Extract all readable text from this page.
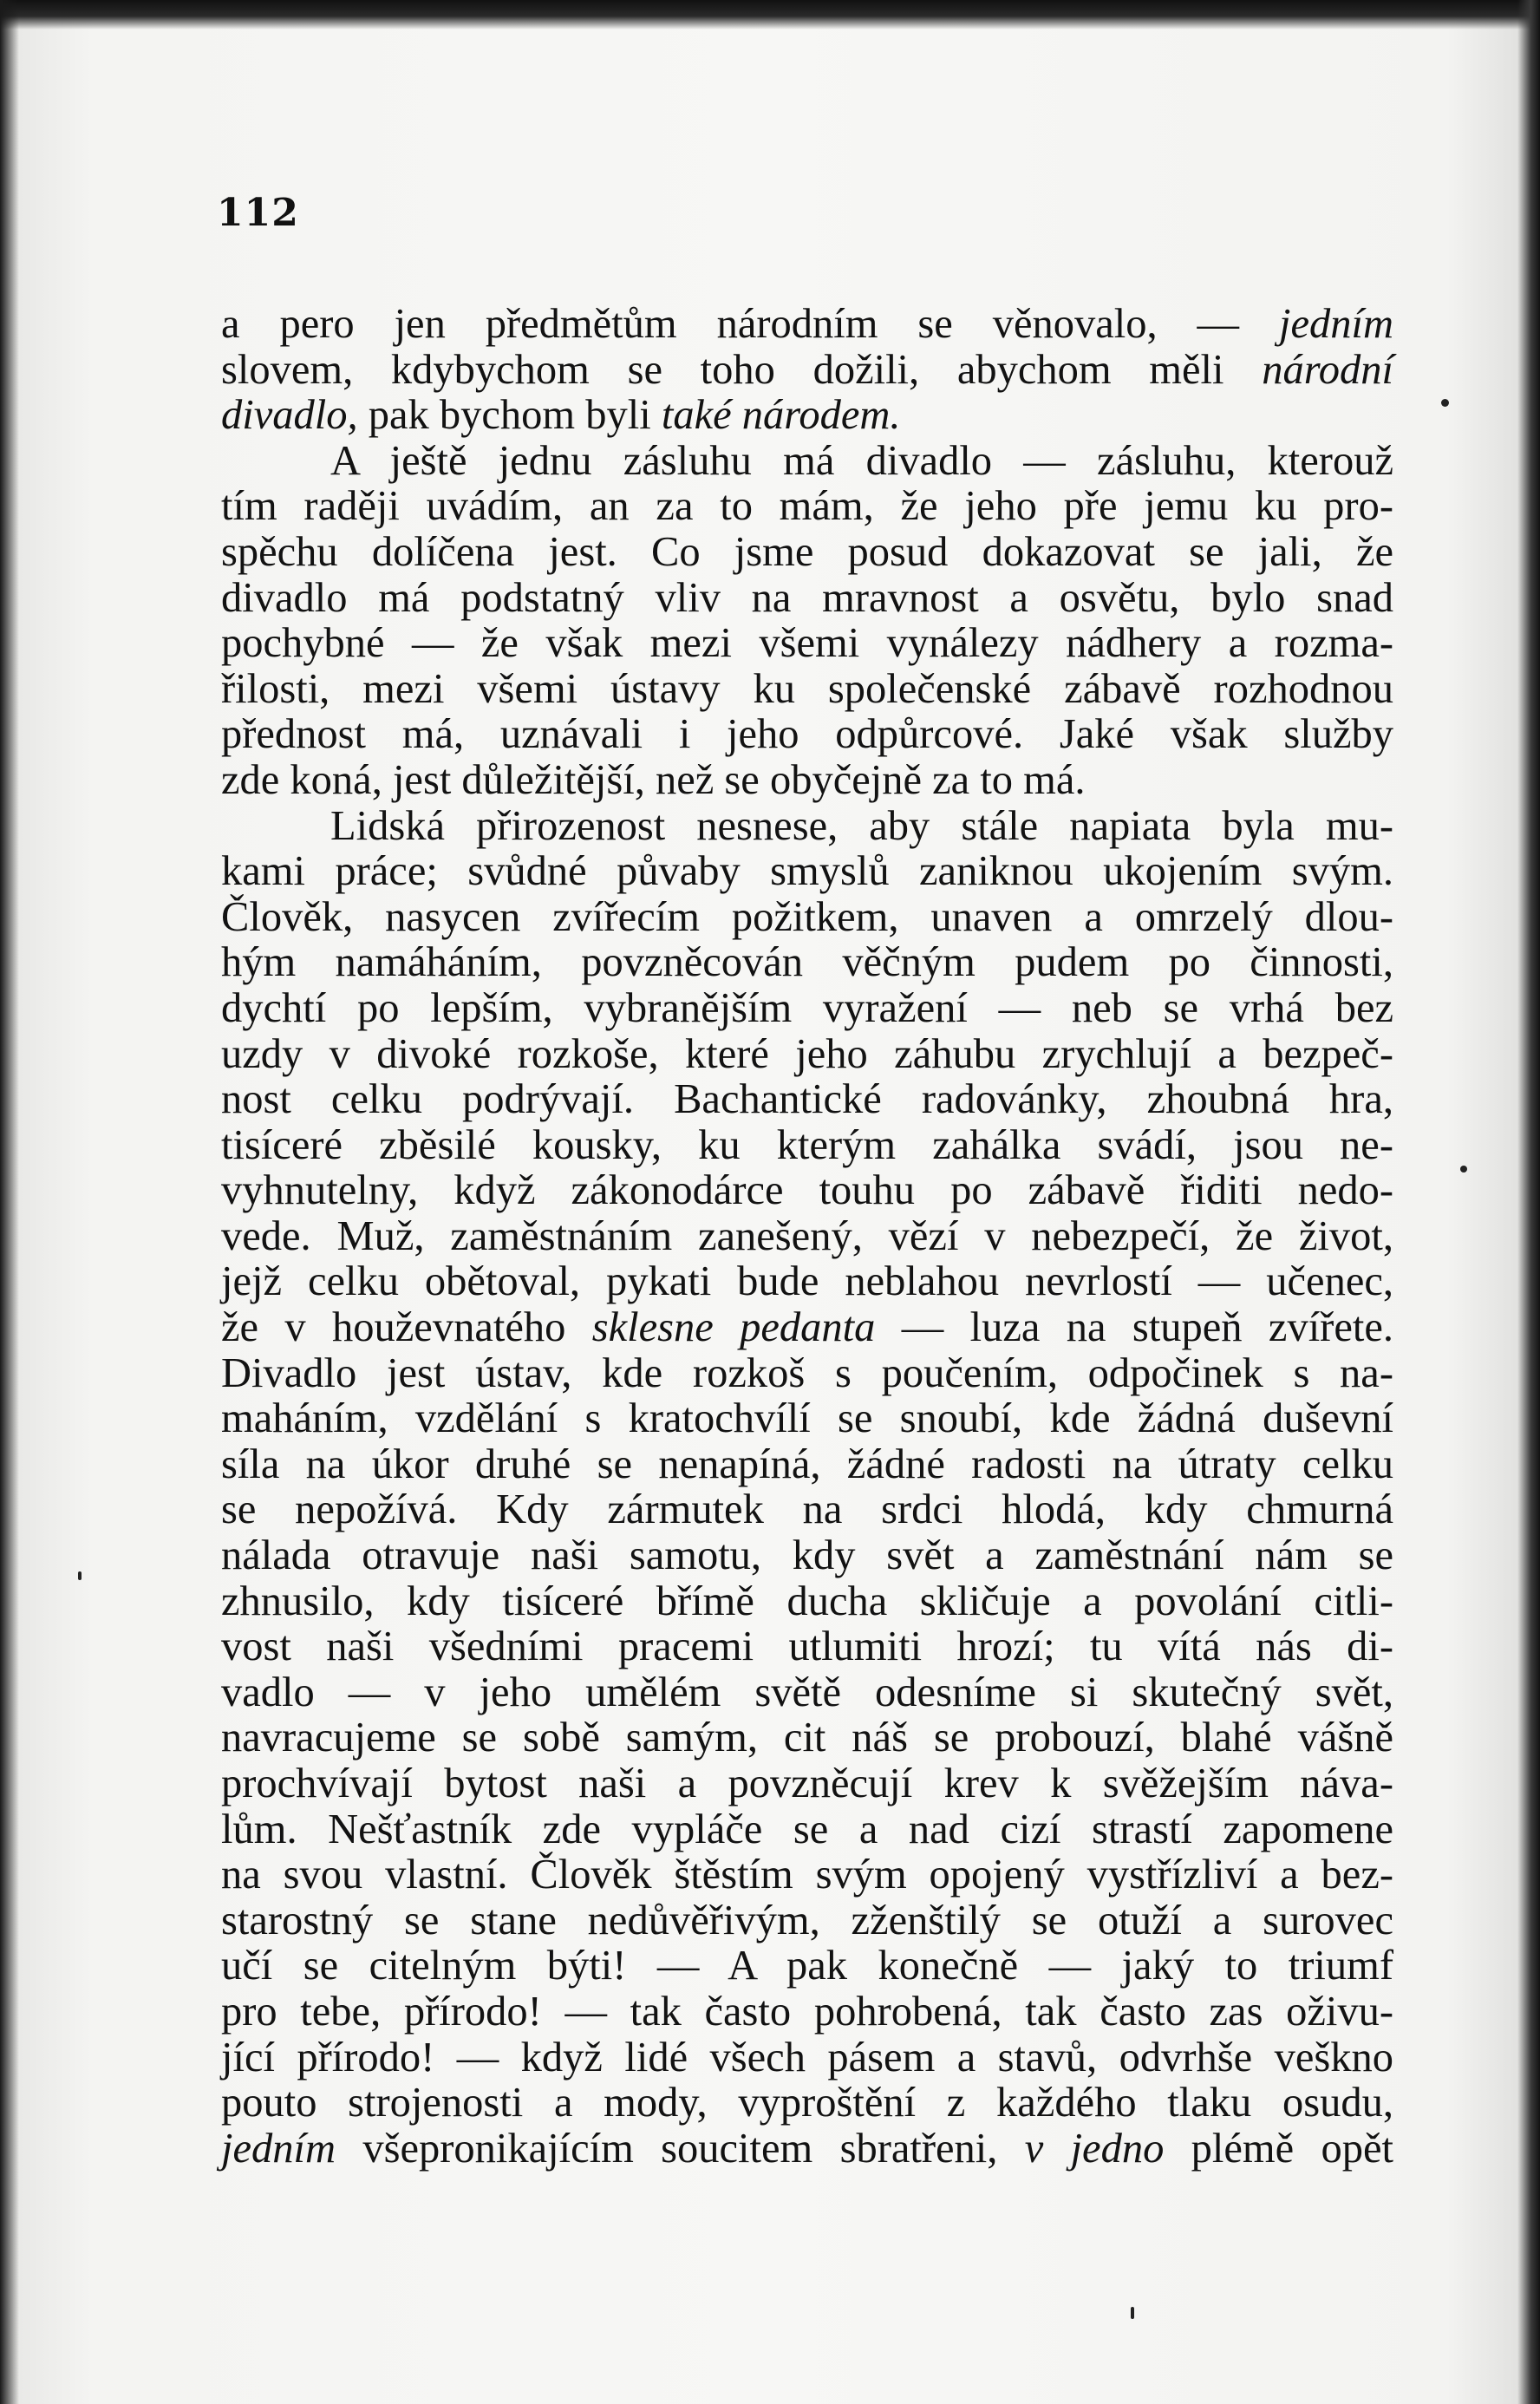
112
a pero jen předmětům národním se věnovalo, — jedním
slovem, kdybychom se toho dožili, abychom měli národní
divadlo, pak bychom byli také národem.
A ještě jednu zásluhu má divadlo — zásluhu, kterouž
tím raději uvádím, an za to mám, že jeho pře jemu ku pro-
spěchu dolíčena jest. Co jsme posud dokazovat se jali, že
divadlo má podstatný vliv na mravnost a osvětu, bylo snad
pochybné — že však mezi všemi vynálezy nádhery a rozma-
řilosti, mezi všemi ústavy ku společenské zábavě rozhodnou
přednost má, uznávali i jeho odpůrcové. Jaké však služby
zde koná, jest důležitější, než se obyčejně za to má.
Lidská přirozenost nesnese, aby stále napiata byla mu-
kami práce; svůdné půvaby smyslů zaniknou ukojením svým.
Člověk, nasycen zvířecím požitkem, unaven a omrzelý dlou-
hým namáháním, povzněcován věčným pudem po činnosti,
dychtí po lepším, vybranějším vyražení — neb se vrhá bez
uzdy v divoké rozkoše, které jeho záhubu zrychlují a bezpeč-
nost celku podrývají. Bachantické radovánky, zhoubná hra,
tisíceré zběsilé kousky, ku kterým zahálka svádí, jsou ne-
vyhnutelny, když zákonodárce touhu po zábavě řiditi nedo-
vede. Muž, zaměstnáním zanešený, vězí v nebezpečí, že život,
jejž celku obětoval, pykati bude neblahou nevrlostí — učenec,
že v houževnatého sklesne pedanta — luza na stupeň zvířete.
Divadlo jest ústav, kde rozkoš s poučením, odpočinek s na-
maháním, vzdělání s kratochvílí se snoubí, kde žádná duševní
síla na úkor druhé se nenapíná, žádné radosti na útraty celku
se nepožívá. Kdy zármutek na srdci hlodá, kdy chmurná
nálada otravuje naši samotu, kdy svět a zaměstnání nám se
zhnusilo, kdy tisíceré břímě ducha skličuje a povolání citli-
vost naši všedními pracemi utlumiti hrozí; tu vítá nás di-
vadlo — v jeho umělém světě odesníme si skutečný svět,
navracujeme se sobě samým, cit náš se probouzí, blahé vášně
prochvívají bytost naši a povzněcují krev k svěžejším náva-
lům. Nešťastník zde vypláče se a nad cizí strastí zapomene
na svou vlastní. Člověk štěstím svým opojený vystřízliví a bez-
starostný se stane nedůvěřivým, zženštilý se otuží a surovec
učí se citelným býti! — A pak konečně — jaký to triumf
pro tebe, přírodo! — tak často pohrobená, tak často zas oživu-
jící přírodo! — když lidé všech pásem a stavů, odvrhše veškno
pouto strojenosti a mody, vyproštění z každého tlaku osudu,
jedním všepronikajícím soucitem sbratřeni, v jedno plémě opět
